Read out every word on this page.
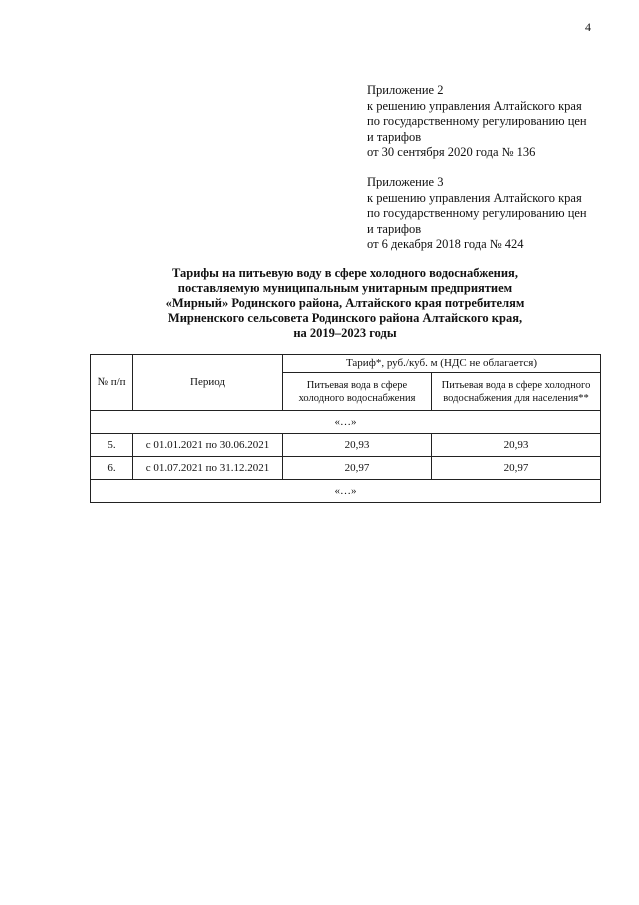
4
Приложение 2
к решению управления Алтайского края
по государственному регулированию цен
и тарифов
от 30 сентября 2020 года № 136
Приложение 3
к решению управления Алтайского края
по государственному регулированию цен
и тарифов
от 6 декабря 2018 года № 424
Тарифы на питьевую воду в сфере холодного водоснабжения,
поставляемую муниципальным унитарным предприятием
«Мирный» Родинского района, Алтайского края потребителям
Мирненского сельсовета Родинского района Алтайского края,
на 2019–2023 годы
№ п/п	Период	Тариф*, руб./куб. м (НДС не облагается)	
		Питьевая вода в сфере холодного водоснабжения	Питьевая вода в сфере холодного водоснабжения для населения**
«…»			
5.	с 01.01.2021 по 30.06.2021	20,93	20,93
6.	с 01.07.2021 по 31.12.2021	20,97	20,97
«…»			
